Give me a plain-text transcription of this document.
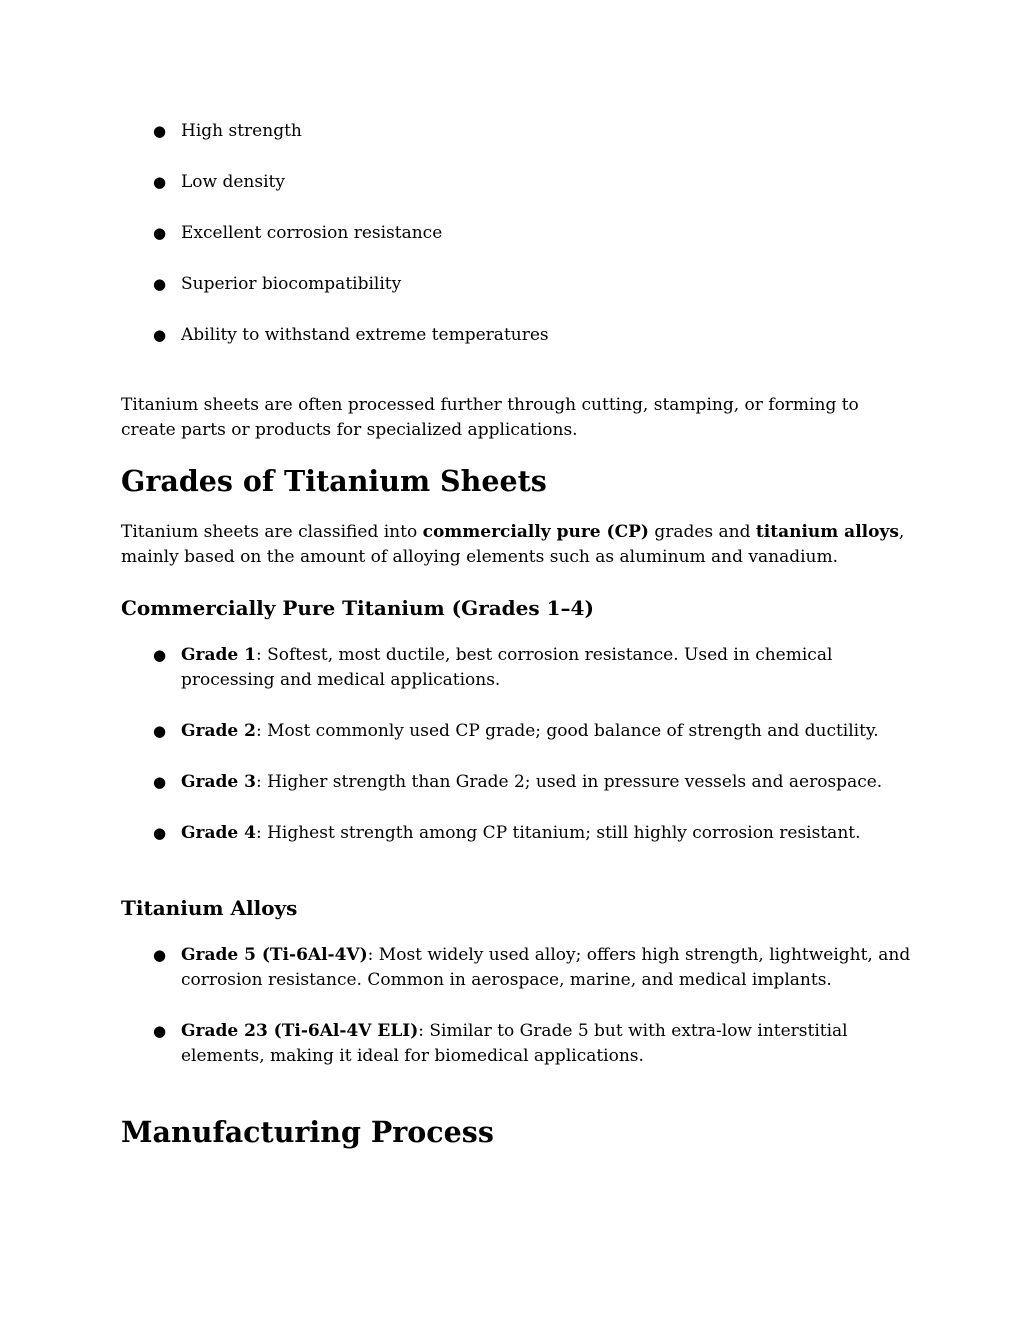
● High strength
● Low density
● Excellent corrosion resistance
● Superior biocompatibility
● Ability to withstand extreme temperatures

Titanium sheets are often processed further through cutting, stamping, or forming to create parts or products for specialized applications.

Grades of Titanium Sheets

Titanium sheets are classified into commercially pure (CP) grades and titanium alloys, mainly based on the amount of alloying elements such as aluminum and vanadium.

Commercially Pure Titanium (Grades 1–4)
● Grade 1: Softest, most ductile, best corrosion resistance. Used in chemical processing and medical applications.
● Grade 2: Most commonly used CP grade; good balance of strength and ductility.
● Grade 3: Higher strength than Grade 2; used in pressure vessels and aerospace.
● Grade 4: Highest strength among CP titanium; still highly corrosion resistant.
Titanium Alloys
● Grade 5 (Ti-6Al-4V): Most widely used alloy; offers high strength, lightweight, and corrosion resistance. Common in aerospace, marine, and medical implants.
● Grade 23 (Ti-6Al-4V ELI): Similar to Grade 5 but with extra-low interstitial elements, making it ideal for biomedical applications.
Manufacturing Process
